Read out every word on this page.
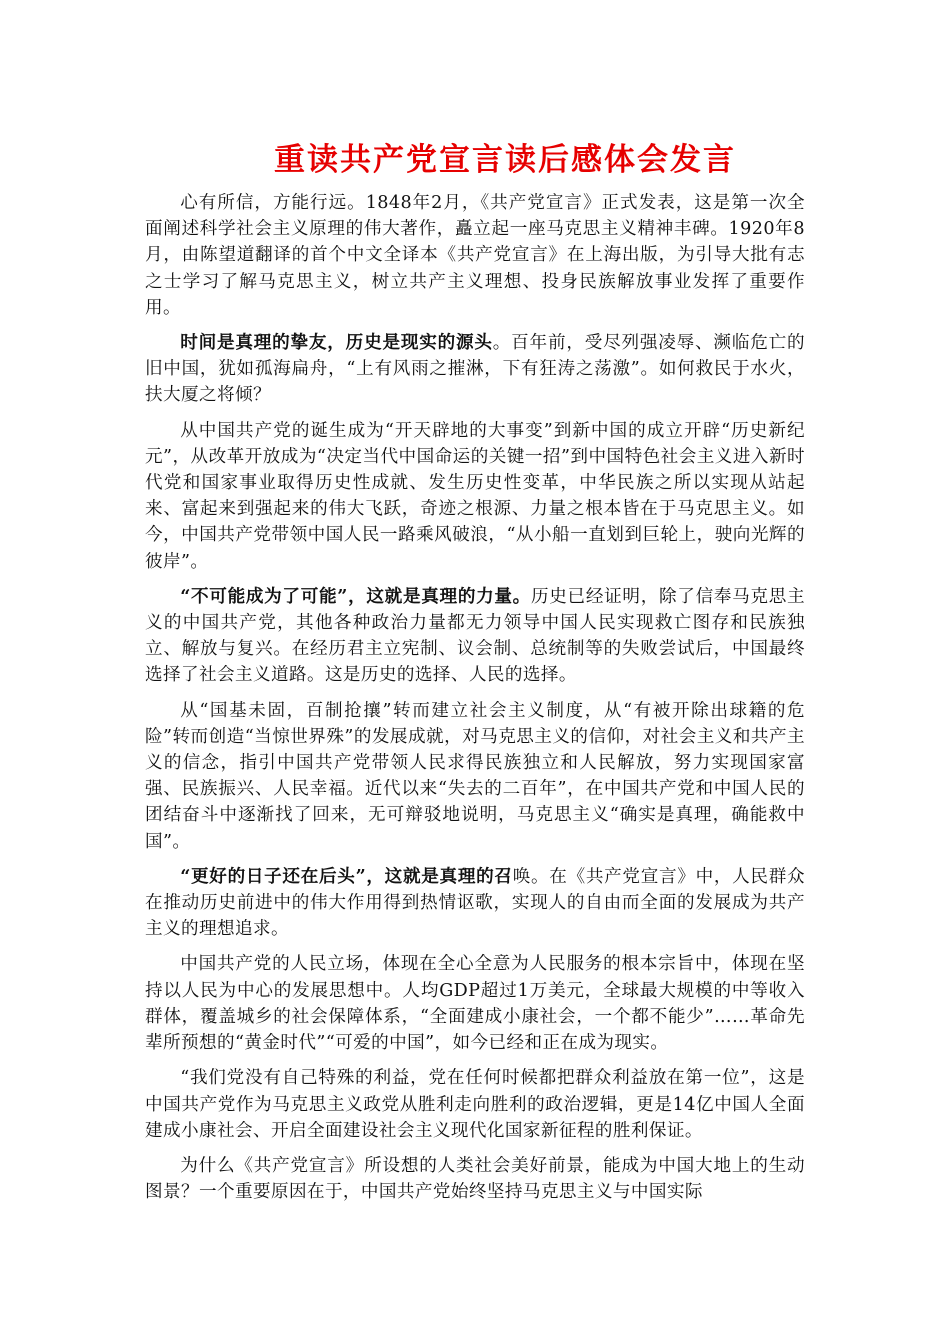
重读共产党宣言读后感体会发言

心有所信，方能行远。1848年2月，《共产党宣言》正式发表，这是第一次全面阐述科学社会主义原理的伟大著作，矗立起一座马克思主义精神丰碑。1920年8月，由陈望道翻译的首个中文全译本《共产党宣言》在上海出版，为引导大批有志之士学习了解马克思主义，树立共产主义理想、投身民族解放事业发挥了重要作用。

时间是真理的挚友，历史是现实的源头。百年前，受尽列强凌辱、濒临危亡的旧中国，犹如孤海扁舟，“上有风雨之摧淋，下有狂涛之荡激”。如何救民于水火，扶大厦之将倾？

从中国共产党的诞生成为“开天辟地的大事变”到新中国的成立开辟“历史新纪元”，从改革开放成为“决定当代中国命运的关键一招”到中国特色社会主义进入新时代党和国家事业取得历史性成就、发生历史性变革，中华民族之所以实现从站起来、富起来到强起来的伟大飞跃，奇迹之根源、力量之根本皆在于马克思主义。如今，中国共产党带领中国人民一路乘风破浪，“从小船一直划到巨轮上，驶向光辉的彼岸”。

“不可能成为了可能”，这就是真理的力量。历史已经证明，除了信奉马克思主义的中国共产党，其他各种政治力量都无力领导中国人民实现救亡图存和民族独立、解放与复兴。在经历君主立宪制、议会制、总统制等的失败尝试后，中国最终选择了社会主义道路。这是历史的选择、人民的选择。

从“国基未固，百制抢攘”转而建立社会主义制度，从“有被开除出球籍的危险”转而创造“当惊世界殊”的发展成就，对马克思主义的信仰，对社会主义和共产主义的信念，指引中国共产党带领人民求得民族独立和人民解放，努力实现国家富强、民族振兴、人民幸福。近代以来“失去的二百年”，在中国共产党和中国人民的团结奋斗中逐渐找了回来，无可辩驳地说明，马克思主义“确实是真理，确能救中国”。

“更好的日子还在后头”，这就是真理的召唤。在《共产党宣言》中，人民群众在推动历史前进中的伟大作用得到热情讴歌，实现人的自由而全面的发展成为共产主义的理想追求。

中国共产党的人民立场，体现在全心全意为人民服务的根本宗旨中，体现在坚持以人民为中心的发展思想中。人均GDP超过1万美元，全球最大规模的中等收入群体，覆盖城乡的社会保障体系，“全面建成小康社会，一个都不能少”……革命先辈所预想的“黄金时代”“可爱的中国”，如今已经和正在成为现实。

“我们党没有自己特殊的利益，党在任何时候都把群众利益放在第一位”，这是中国共产党作为马克思主义政党从胜利走向胜利的政治逻辑，更是14亿中国人全面建成小康社会、开启全面建设社会主义现代化国家新征程的胜利保证。

为什么《共产党宣言》所设想的人类社会美好前景，能成为中国大地上的生动图景？一个重要原因在于，中国共产党始终坚持马克思主义与中国实际
